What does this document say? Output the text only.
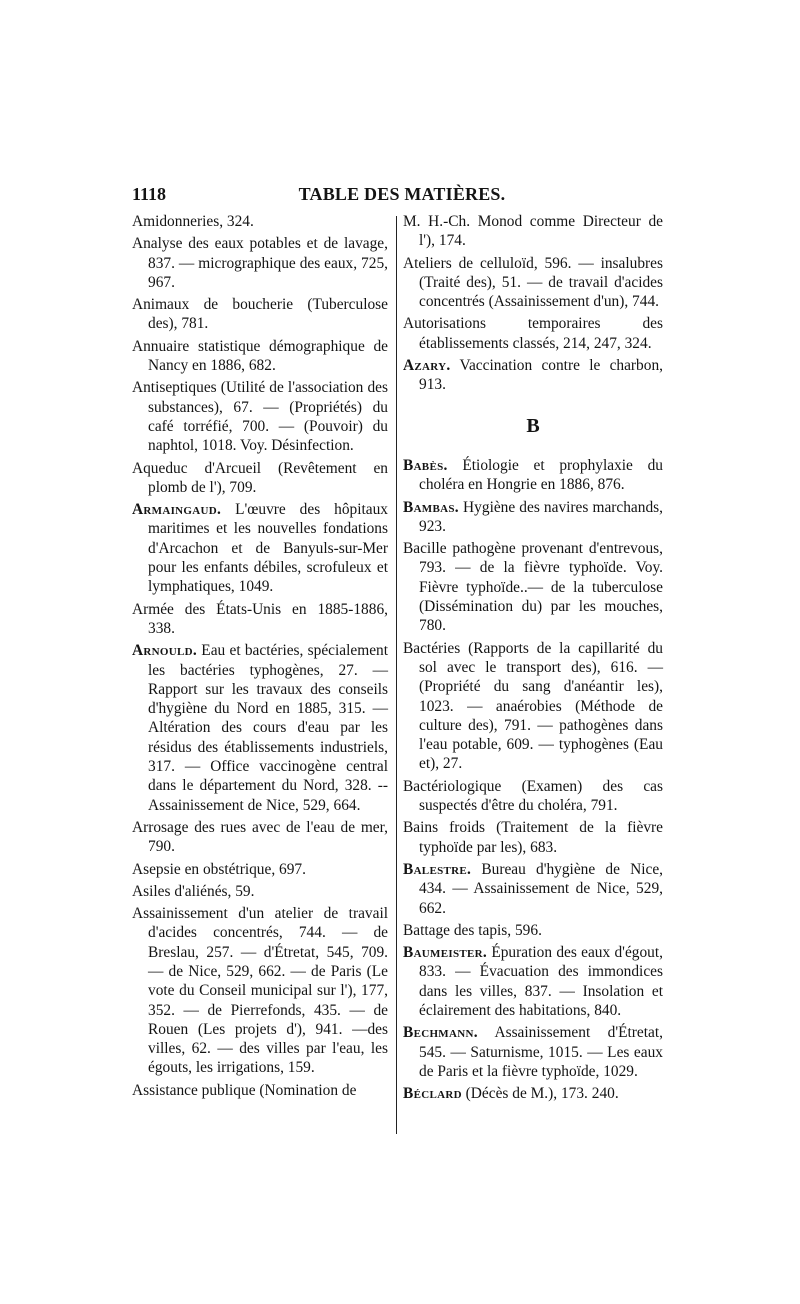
1118	TABLE DES MATIÈRES.
Amidonneries, 324.
Analyse des eaux potables et de lavage, 837. — micrographique des eaux, 725, 967.
Animaux de boucherie (Tuberculose des), 781.
Annuaire statistique démographique de Nancy en 1886, 682.
Antiseptiques (Utilité de l'association des substances), 67. — (Propriétés) du café torréfié, 700. — (Pouvoir) du naphtol, 1018. Voy. Désinfection.
Aqueduc d'Arcueil (Revêtement en plomb de l'), 709.
Armaingaud. L'œuvre des hôpitaux maritimes et les nouvelles fondations d'Arcachon et de Banyuls-sur-Mer pour les enfants débiles, scrofuleux et lymphatiques, 1049.
Armée des États-Unis en 1885-1886, 338.
Arnould. Eau et bactéries, spécialement les bactéries typhogènes, 27. — Rapport sur les travaux des conseils d'hygiène du Nord en 1885, 315. — Altération des cours d'eau par les résidus des établissements industriels, 317. — Office vaccinogène central dans le département du Nord, 328. -- Assainissement de Nice, 529, 664.
Arrosage des rues avec de l'eau de mer, 790.
Asepsie en obstétrique, 697.
Asiles d'aliénés, 59.
Assainissement d'un atelier de travail d'acides concentrés, 744. — de Breslau, 257. — d'Étretat, 545, 709. — de Nice, 529, 662. — de Paris (Le vote du Conseil municipal sur l'), 177, 352. — de Pierrefonds, 435. — de Rouen (Les projets d'), 941. —des villes, 62. — des villes par l'eau, les égouts, les irrigations, 159.
Assistance publique (Nomination de
M. H.-Ch. Monod comme Directeur de l'), 174.
Ateliers de celluloïd, 596. — insalubres (Traité des), 51. — de travail d'acides concentrés (Assainissement d'un), 744.
Autorisations temporaires des établissements classés, 214, 247, 324.
Azary. Vaccination contre le charbon, 913.
B
Babès. Étiologie et prophylaxie du choléra en Hongrie en 1886, 876.
Bambas. Hygiène des navires marchands, 923.
Bacille pathogène provenant d'entrevous, 793. — de la fièvre typhoïde. Voy. Fièvre typhoïde..— de la tuberculose (Dissémination du) par les mouches, 780.
Bactéries (Rapports de la capillarité du sol avec le transport des), 616. — (Propriété du sang d'anéantir les), 1023. — anaérobies (Méthode de culture des), 791. — pathogènes dans l'eau potable, 609. — typhogènes (Eau et), 27.
Bactériologique (Examen) des cas suspectés d'être du choléra, 791.
Bains froids (Traitement de la fièvre typhoïde par les), 683.
Balestre. Bureau d'hygiène de Nice, 434. — Assainissement de Nice, 529, 662.
Battage des tapis, 596.
Baumeister. Épuration des eaux d'égout, 833. — Évacuation des immondices dans les villes, 837. — Insolation et éclairement des habitations, 840.
Bechmann. Assainissement d'Étretat, 545. — Saturnisme, 1015. — Les eaux de Paris et la fièvre typhoïde, 1029.
Béclard (Décès de M.), 173. 240.
